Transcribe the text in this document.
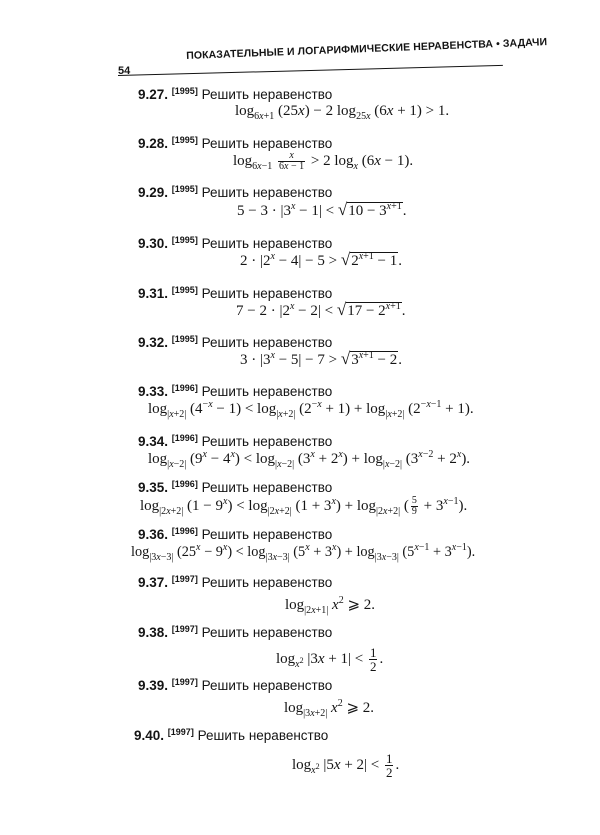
54
ПОКАЗАТЕЛЬНЫЕ И ЛОГАРИФМИЧЕСКИЕ НЕРАВЕНСТВА • ЗАДАЧИ
9.27. [1995] Решить неравенство
$\log_{6x+1} (25x) - 2$ $\log_{25x} (6x + 1) > 1$.
9.28. [1995] Решить неравенство
$\log_{6x-1} \frac{x}{6x - 1} > 2$ $\log_x (6x - 1)$.
9.29. [1995] Решить неравенство
$5 - 3 \cdot |3^x - 1| < √10 - 3^{x+1}$.
9.30. [1995] Решить неравенство
$2 \cdot |2^x - 4| - 5 > √2^{x+1} - 1$.
9.31. [1995] Решить неравенство
$7 - 2 \cdot |2^x - 2| < √17 - 2^{x+1}$.
9.32. [1995] Решить неравенство
$3 \cdot |3^x - 5| - 7 > √3^{x+1} - 2$.
9.33. [1996] Решить неравенство
$\log_{|x+2|} (4^{-x} - 1) < \log_{|x+2|} (2^{-x} + 1) + \log_{|x+2|} (2^{-x-1} + 1)$.
9.34. [1996] Решить неравенство
$\log_{|x-2|} (9^x - 4^x) < \log_{|x-2|} (3^x + 2^x) + \log_{|x-2|} (3^{x-2} + 2^x)$.
9.35. [1996] Решить неравенство
$\log_{|2x+2|} (1 - 9^x) < \log_{|2x+2|} (1 + 3^x) + \log_{|2x+2|}$ ( $\frac{5}{9} + 3^{x-1}$).
9.36. [1996] Решить неравенство
$\log_{|3x-3|} (25^x - 9^x) < \log_{|3x-3|} (5^x + 3^x) + \log_{|3x-3|} (5^{x-1} + 3^{x-1})$.
9.37. [1997] Решить неравенство
$\log_{|2x+1|} x^2$ ⩾ 2.
9.38. [1997] Решить неравенство
$\log_{x^2} |3x + 1| < \frac{1}{2}$ .
9.39. [1997] Решить неравенство
$\log_{|3x+2|} x^2$ ⩾ 2.
9.40. [1997] Решить неравенство
$\log_{x^2} |5x + 2| < \frac{1}{2}$ .
